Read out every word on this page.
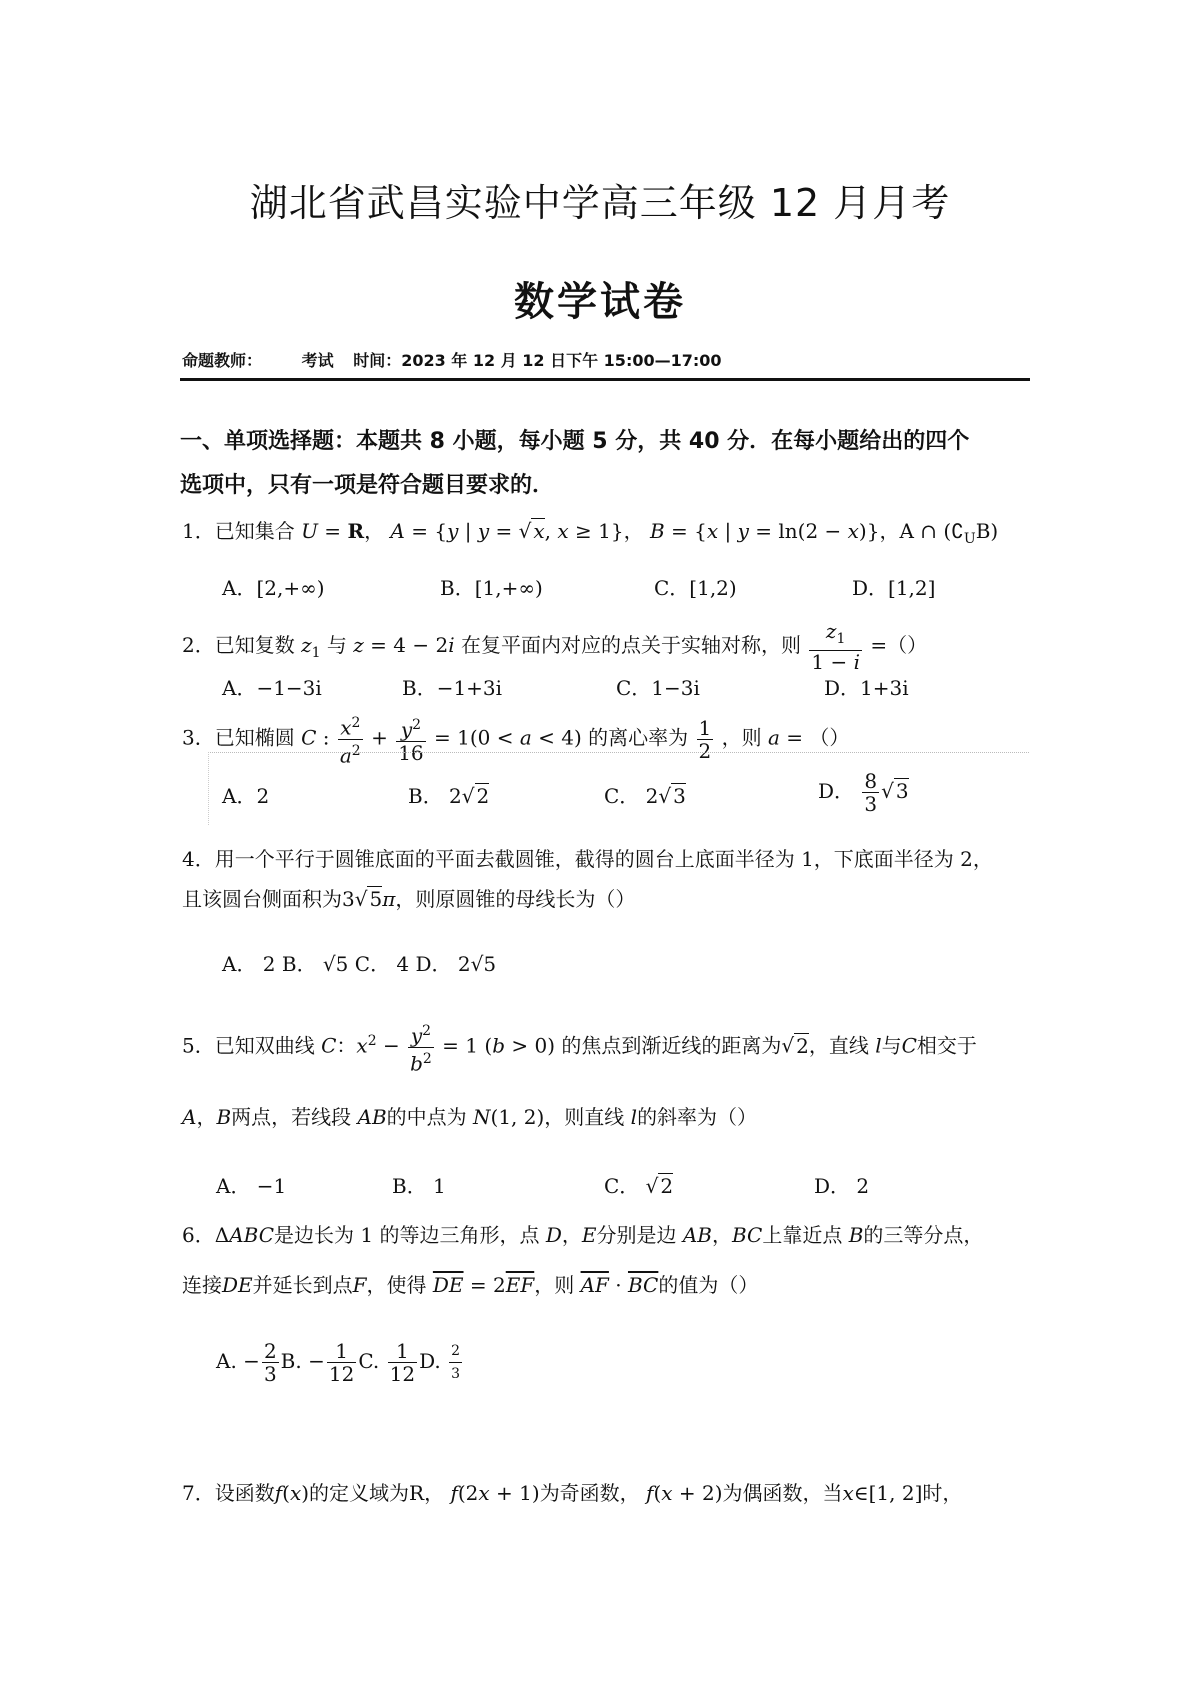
湖北省武昌实验中学高三年级 12 月月考
数学试卷
命题教师： 考试 时间：2023 年 12 月 12 日下午 15:00—17:00
一、单项选择题：本题共 8 小题，每小题 5 分，共 40 分．在每小题给出的四个
选项中，只有一项是符合题目要求的．
1．已知集合 U = R， A = {y | y = √ x, x ≥ 1}， B = {x | y = ln(2 − x)}，A ∩ $(∁_UB)$
A．[2,+∞)	B．[1,+∞)	C．[1,2)	D．[1,2]
2．已知复数 $z_1$ 与 z = 4 − 2i 在复平面内对应的点关于实轴对称，则 $\frac{z_1}{1 - i}$ =（）
A．−1−3i	B．−1+3i	C．1−3i	D．1+3i
3．已知椭圆 C : $\frac{x^2}{a^2} + \frac{y^2}{16} = 1(0 < a < 4)$ 的离心率为 $\frac{1}{2}$ ，则 a = （）
A．2	B． 2√ 2	C． 2√ 3	D． $\frac{8}{3}$ √ 3
4．用一个平行于圆锥底面的平面去截圆锥，截得的圆台上底面半径为 1，下底面半径为 2，
且该圆台侧面积为3√ 5π，则原圆锥的母线长为（）
A． 2 B． √5 C． 4 D． 2√5
5．已知双曲线 C：$x^2 - \frac{y^2}{b^2} = 1$ (b > 0) 的焦点到渐近线的距离为√ 2，直线 l与C相交于
A，B两点，若线段 AB的中点为 N(1, 2)，则直线 l的斜率为（）
A． −1	B． 1	C． √ 2	D． 2
6．ΔABC是边长为 1 的等边三角形，点 D，E分别是边 AB，BC上靠近点 B的三等分点，
连接DE并延长到点F，使得 $\overline{DE} = 2\overline{EF}$，则 $\overline{AF} \cdot \overline{BC}$的值为（）
A. − $\frac{2}{3} B$. − $\frac{1}{12} C$. $\frac{1}{12} D$. $\frac{2}{3}$
7．设函数f(x)的定义域为R， f(2x + 1)为奇函数， f(x + 2)为偶函数，当x∈[1, 2]时，
